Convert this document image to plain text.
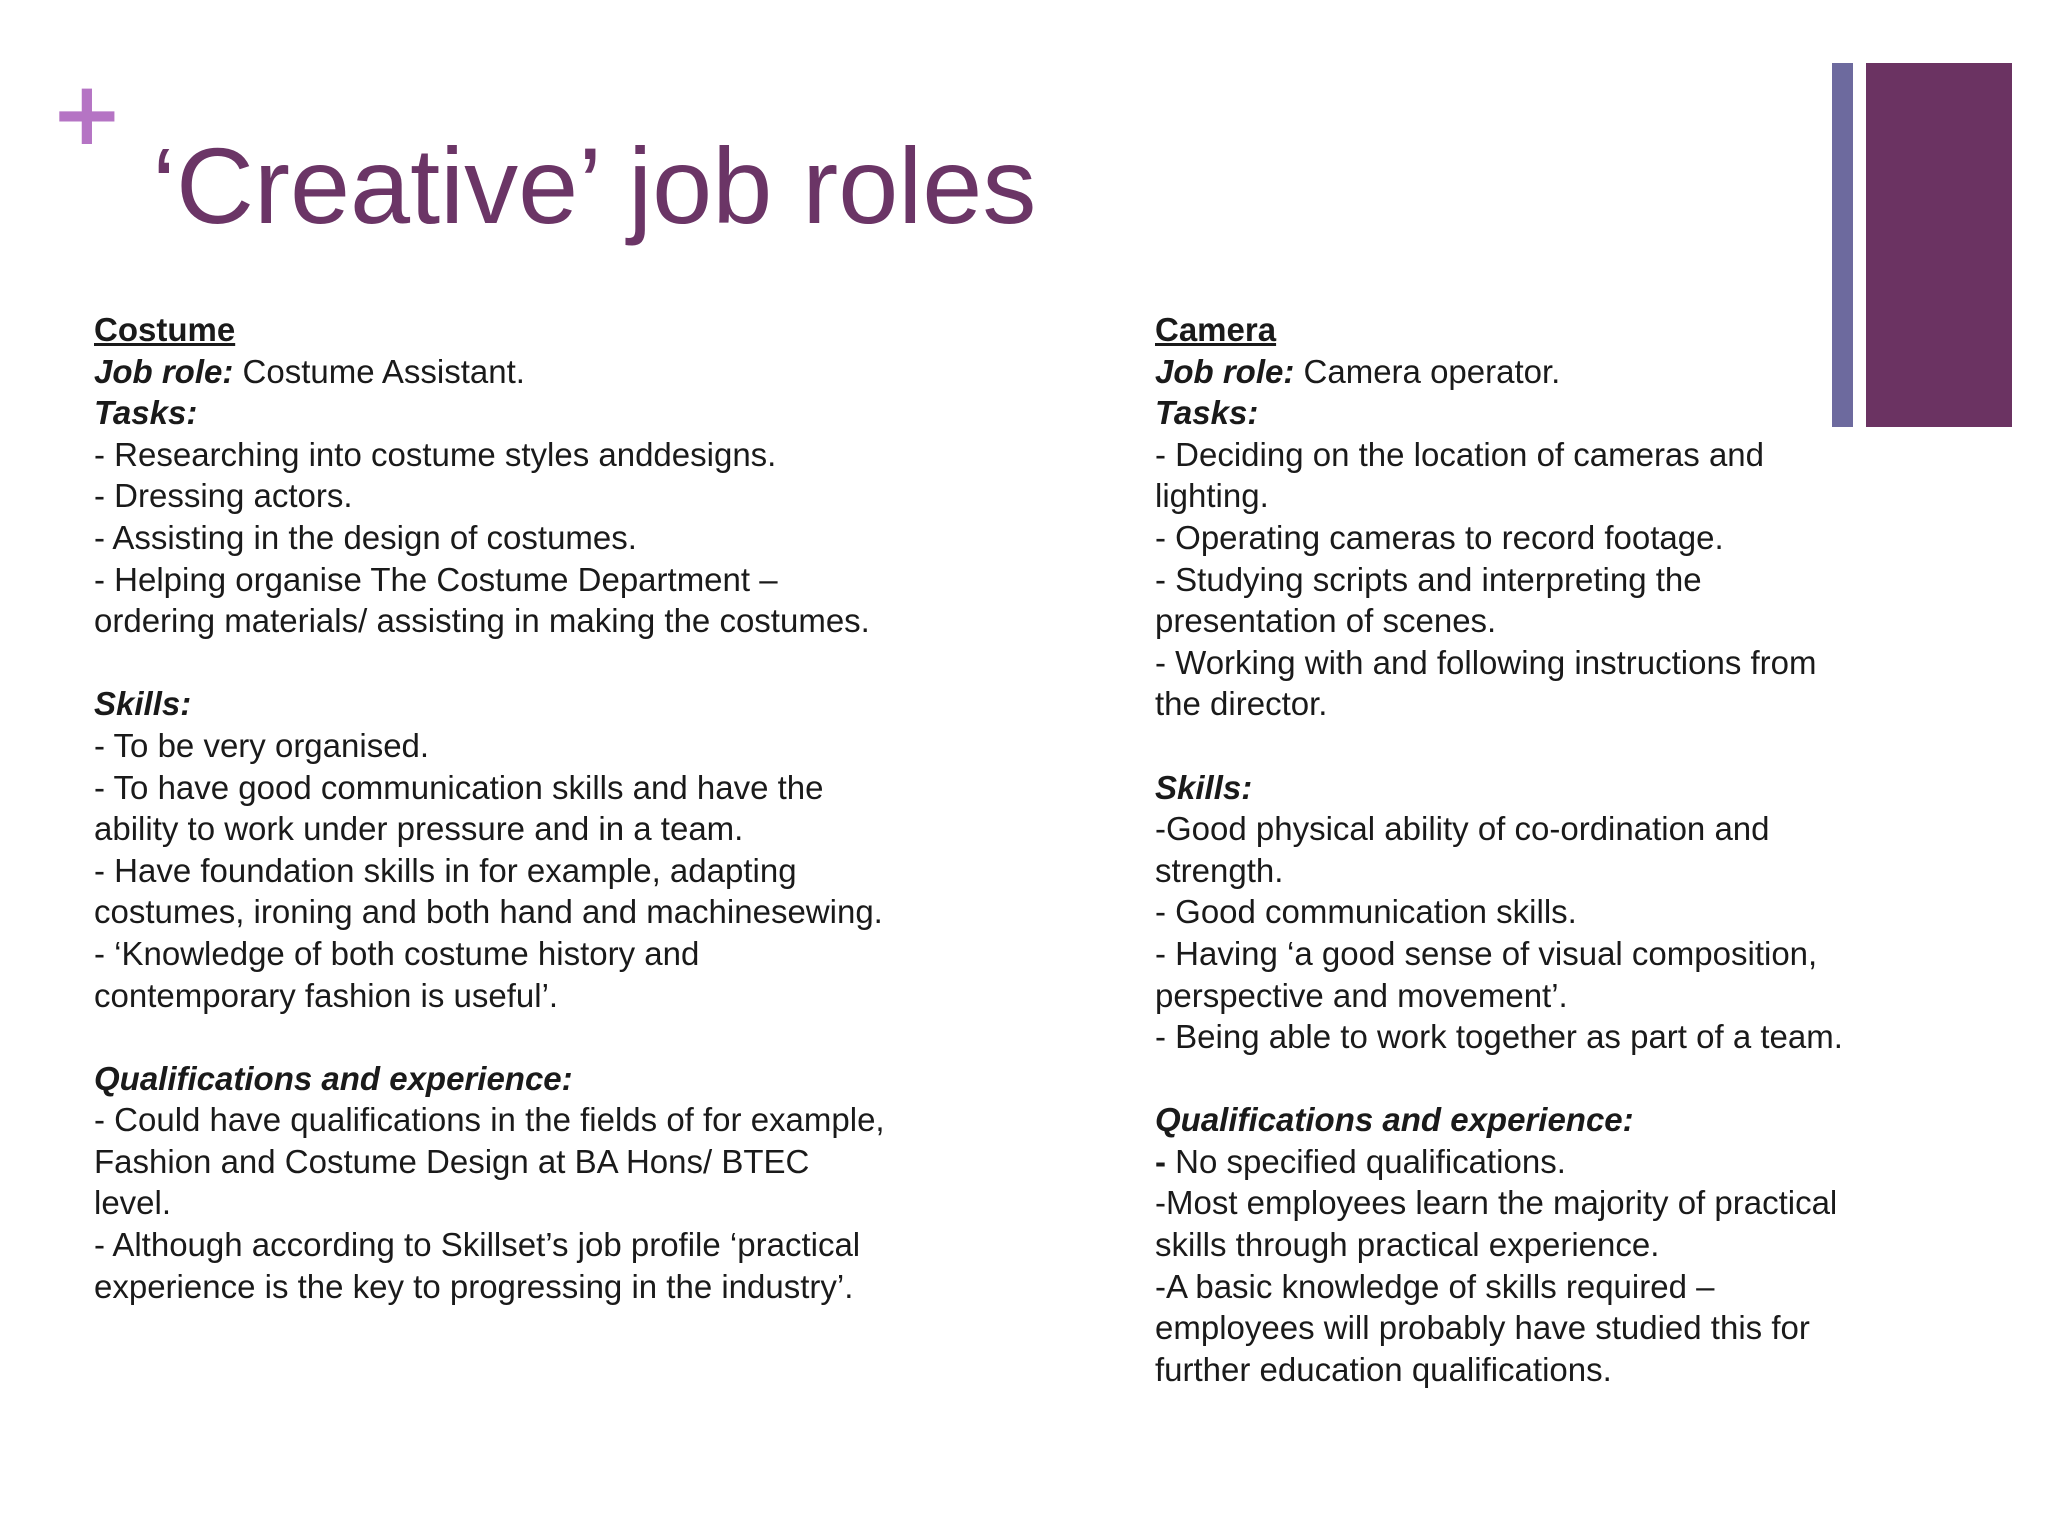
+
‘Creative’ job roles
Costume
Job role: Costume Assistant.
Tasks:
- Researching into costume styles anddesigns.
- Dressing actors.
- Assisting in the design of costumes.
- Helping organise The Costume Department –
ordering materials/ assisting in making the costumes.
Skills:
- To be very organised.
- To have good communication skills and have the
ability to work under pressure and in a team.
- Have foundation skills in for example, adapting
costumes, ironing and both hand and machinesewing.
- ‘Knowledge of both costume history and
contemporary fashion is useful’.
Qualifications and experience:
- Could have qualifications in the fields of for example,
Fashion and Costume Design at BA Hons/ BTEC
level.
- Although according to Skillset’s job profile ‘practical
experience is the key to progressing in the industry’.
Camera
Job role: Camera operator.
Tasks:
- Deciding on the location of cameras and
lighting.
- Operating cameras to record footage.
- Studying scripts and interpreting the
presentation of scenes.
- Working with and following instructions from
the director.
Skills:
-Good physical ability of co-ordination and
strength.
- Good communication skills.
- Having ‘a good sense of visual composition,
perspective and movement’.
- Being able to work together as part of a team.
Qualifications and experience:
- No specified qualifications.
-Most employees learn the majority of practical
skills through practical experience.
-A basic knowledge of skills required –
employees will probably have studied this for
further education qualifications.
